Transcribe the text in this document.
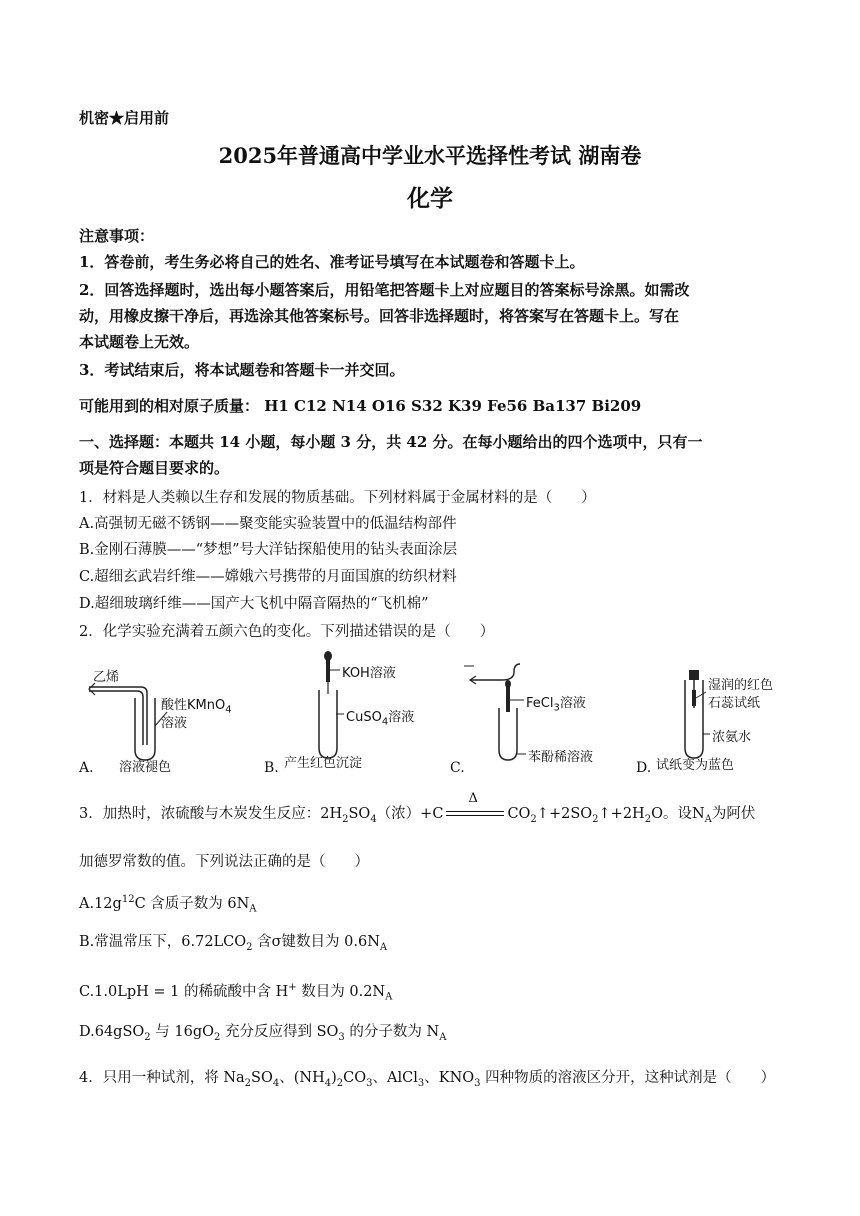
机密★启用前
2025年普通高中学业水平选择性考试 湖南卷
化学
注意事项：
1．答卷前，考生务必将自己的姓名、准考证号填写在本试题卷和答题卡上。
2．回答选择题时，选出每小题答案后，用铅笔把答题卡上对应题目的答案标号涂黑。如需改
动，用橡皮擦干净后，再选涂其他答案标号。回答非选择题时，将答案写在答题卡上。写在
本试题卷上无效。
3．考试结束后，将本试题卷和答题卡一并交回。
可能用到的相对原子质量： H1 C12 N14 O16 S32 K39 Fe56 Ba137 Bi209
一、选择题：本题共 14 小题，每小题 3 分，共 42 分。在每小题给出的四个选项中，只有一
项是符合题目要求的。
1．材料是人类赖以生存和发展的物质基础。下列材料属于金属材料的是（　　）
A.高强韧无磁不锈钢——聚变能实验装置中的低温结构部件
B.金刚石薄膜——“梦想”号大洋钻探船使用的钻头表面涂层
C.超细玄武岩纤维——嫦娥六号携带的月面国旗的纺织材料
D.超细玻璃纤维——国产大飞机中隔音隔热的“飞机棉”
2．化学实验充满着五颜六色的变化。下列描述错误的是（　　）
乙烯
酸性KMnO$_4$
溶液
溶液褪色
A.
KOH溶液
CuSO$_4$溶液
产生红色沉淀
B.
FeCl$_3$溶液
苯酚稀溶液
C.
湿润的红色
石蕊试纸
浓氨水
试纸变为蓝色
D.
3．加热时，浓硫酸与木炭发生反应：$2H_2SO_4$（浓）+C
Δ
$CO_2↑+2SO_2↑+2H_2O$。设$N_A$为阿伏
加德罗常数的值。下列说法正确的是（　　）
$A.12g^{12}C$ 含质子数为 $6N_A$
B.常温常压下，$6.72LCO_2$ 含σ键数目为 $0.6N_A$
C.1.0LpH = 1 的稀硫酸中含 H+ 数目为 $0.2N_A$
D.64gSO$_2$ 与 $16gO_2$ 充分反应得到 $SO_3$ 的分子数为 $N_A$
4．只用一种试剂，将 $Na_2SO_4$、$(NH_4)_2CO_3$、AlCl$_3$、$KNO_3$ 四种物质的溶液区分开，这种试剂是（　　）
